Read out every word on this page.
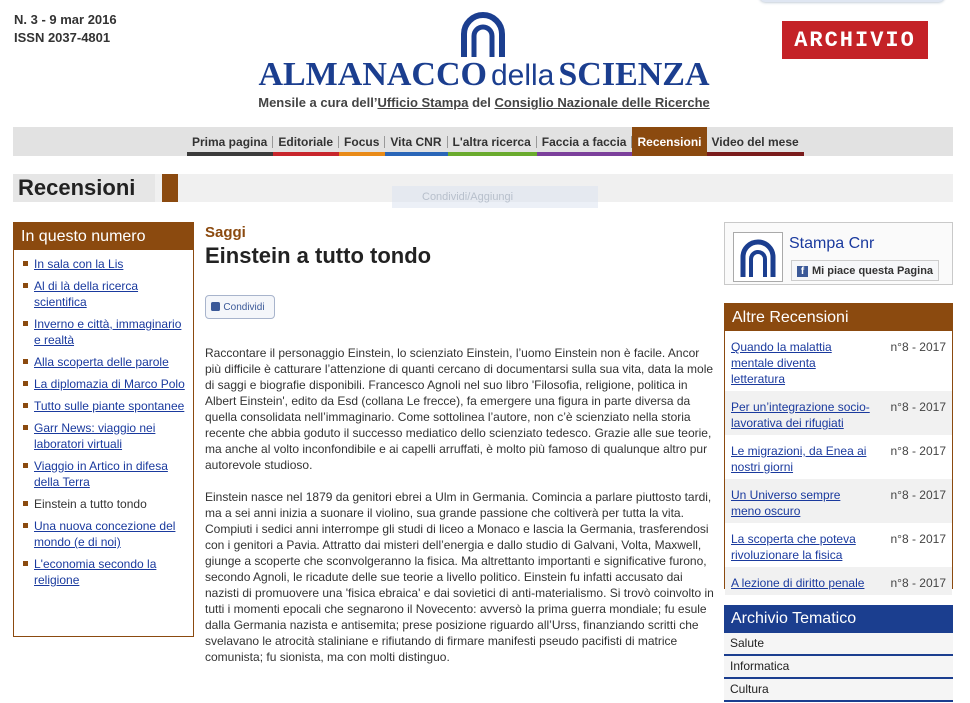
N. 3 - 9 mar 2016
ISSN 2037-4801	ARCHIVIO
ALMANACCO della SCIENZA
Mensile a cura dell’Ufficio Stampa del Consiglio Nazionale delle Ricerche
Prima pagina Editoriale Focus Vita CNR L'altra ricerca Faccia a faccia Recensioni Video del mese
Recensioni	Condividi/Aggiungi
In questo numero
In sala con la Lis
Al di là della ricerca scientifica
Inverno e città, immaginario e realtà
Alla scoperta delle parole
La diplomazia di Marco Polo
Tutto sulle piante spontanee
Garr News: viaggio nei laboratori virtuali
Viaggio in Artico in difesa della Terra
Einstein a tutto tondo
Una nuova concezione del mondo (e di noi)
L'economia secondo la religione
Saggi
Einstein a tutto tondo
Condividi

Raccontare il personaggio Einstein, lo scienziato Einstein, l’uomo Einstein non è facile. Ancor più difficile è catturare l’attenzione di quanti cercano di documentarsi sulla sua vita, data la mole di saggi e biografie disponibili. Francesco Agnoli nel suo libro 'Filosofia, religione, politica in Albert Einstein', edito da Esd (collana Le frecce), fa emergere una figura in parte diversa da quella consolidata nell’immaginario. Come sottolinea l’autore, non c’è scienziato nella storia recente che abbia goduto il successo mediatico dello scienziato tedesco. Grazie alle sue teorie, ma anche al volto inconfondibile e ai capelli arruffati, è molto più famoso di qualunque altro pur autorevole studioso.

Einstein nasce nel 1879 da genitori ebrei a Ulm in Germania. Comincia a parlare piuttosto tardi, ma a sei anni inizia a suonare il violino, sua grande passione che coltiverà per tutta la vita. Compiuti i sedici anni interrompe gli studi di liceo a Monaco e lascia la Germania, trasferendosi con i genitori a Pavia. Attratto dai misteri dell’energia e dallo studio di Galvani, Volta, Maxwell, giunge a scoperte che sconvolgeranno la fisica. Ma altrettanto importanti e significative furono, secondo Agnoli, le ricadute delle sue teorie a livello politico. Einstein fu infatti accusato dai nazisti di promuovere una 'fisica ebraica' e dai sovietici di anti-materialismo. Si trovò coinvolto in tutti i momenti epocali che segnarono il Novecento: avversò la prima guerra mondiale; fu esule dalla Germania nazista e antisemita; prese posizione riguardo all’Urss, finanziando scritti che svelavano le atrocità staliniane e rifiutando di firmare manifesti pseudo pacifisti di matrice comunista; fu sionista, ma con molti distinguo.

Stampa Cnr
f Mi piace questa Pagina
Altre Recensioni
Quando la malattia mentale diventa letteratura
n°8 - 2017
Per un’integrazione socio-lavorativa dei rifugiati
n°8 - 2017
Le migrazioni, da Enea ai nostri giorni
n°8 - 2017
Un Universo sempre meno oscuro
n°8 - 2017
La scoperta che poteva rivoluzionare la fisica
n°8 - 2017
A lezione di diritto penale	n°8 - 2017
Archivio Tematico
Salute
Informatica
Cultura
